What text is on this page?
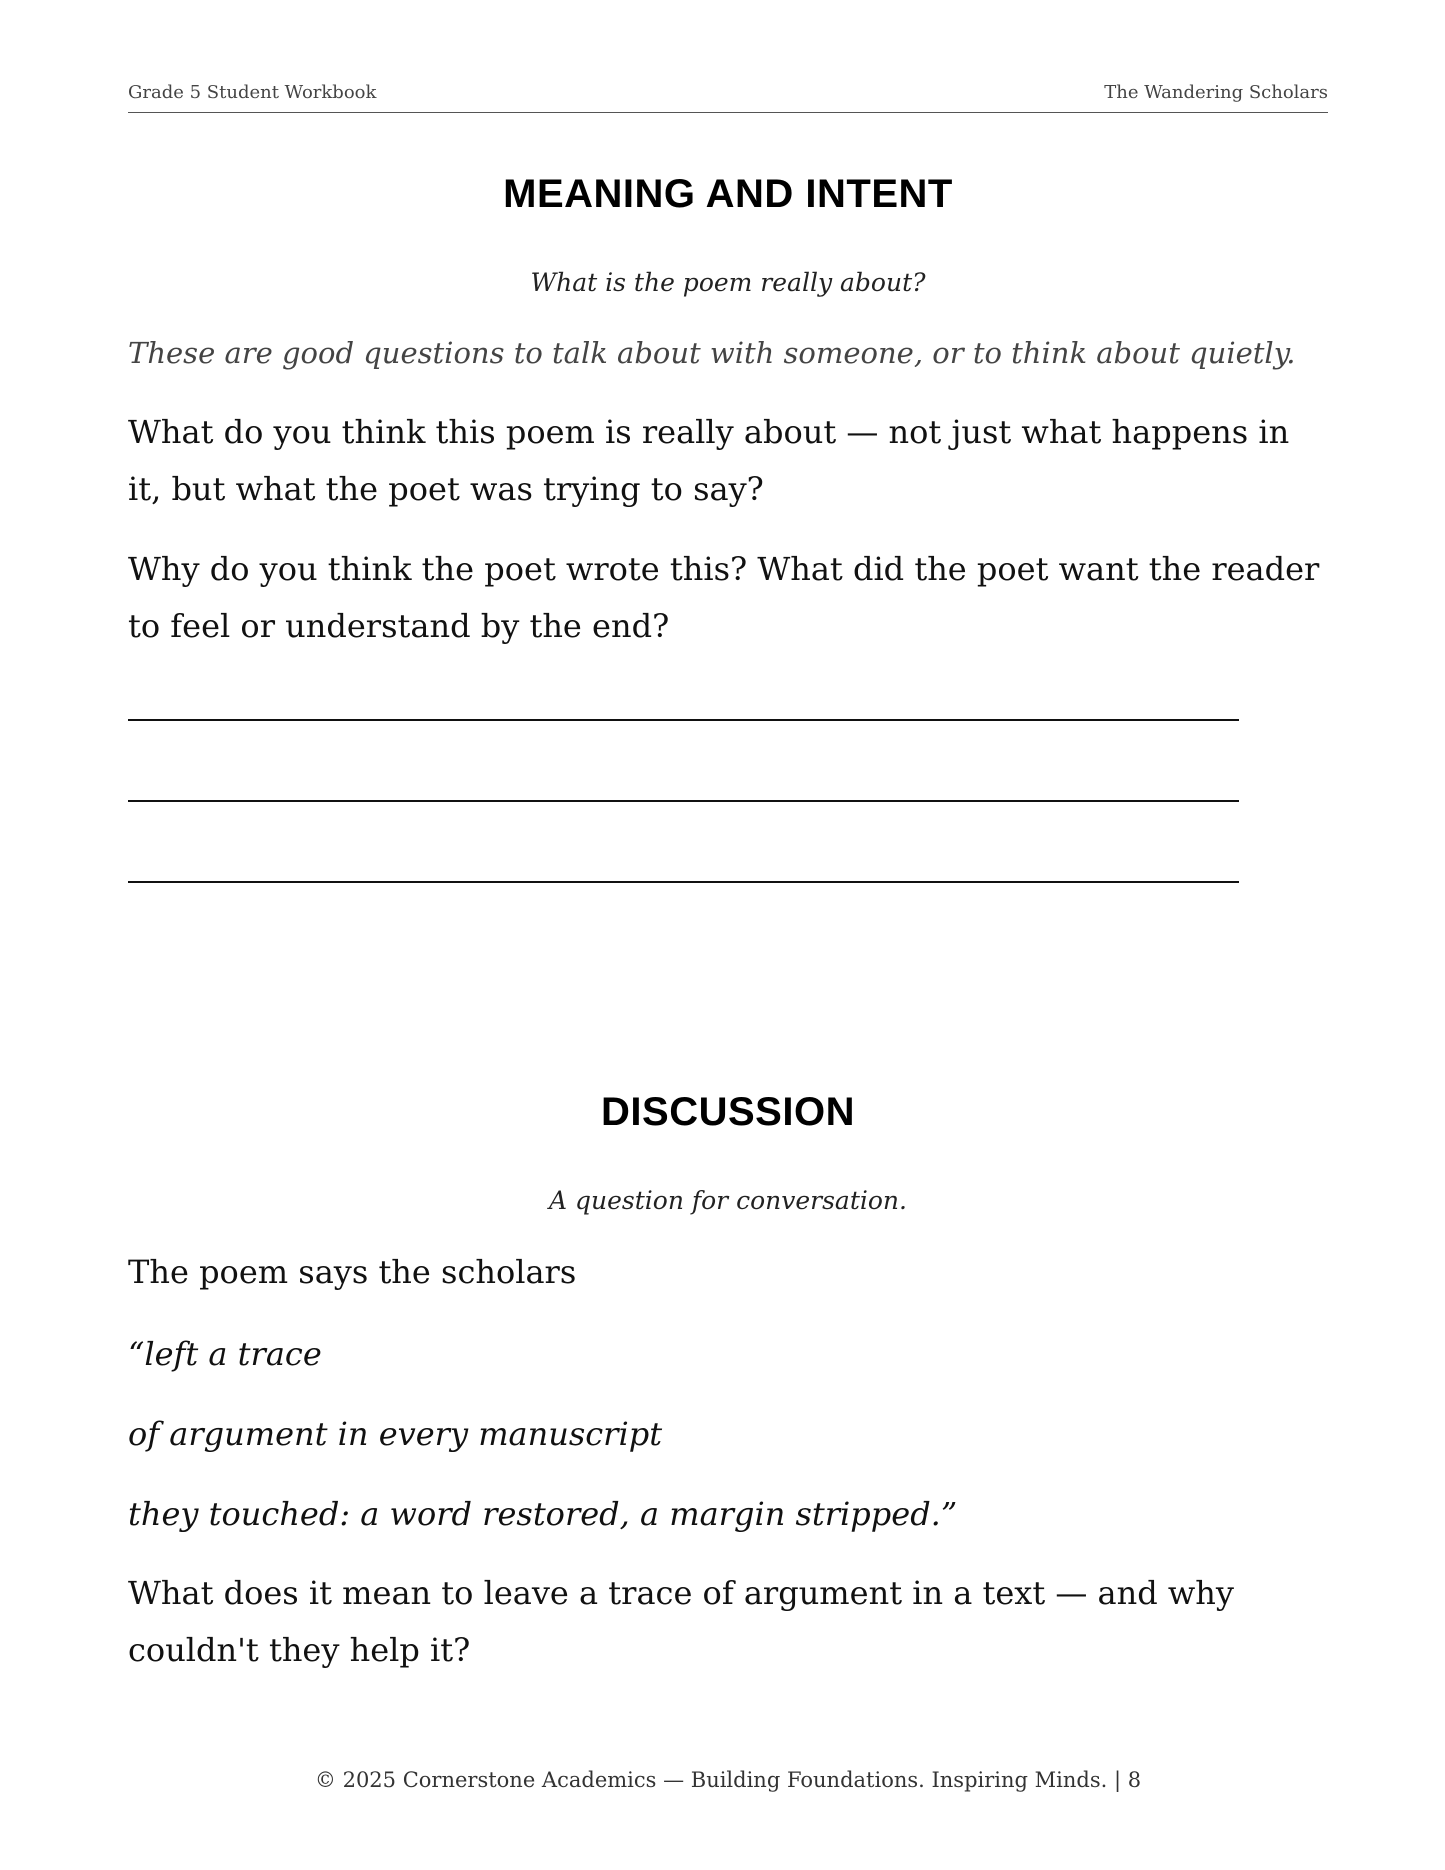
Grade 5 Student Workbook	The Wandering Scholars
MEANING AND INTENT

What is the poem really about?

These are good questions to talk about with someone, or to think about quietly.

What do you think this poem is really about — not just what happens in it, but what the poet was trying to say?

Why do you think the poet wrote this? What did the poet want the reader to feel or understand by the end?

DISCUSSION

A question for conversation.

The poem says the scholars

“left a trace

of argument in every manuscript

they touched: a word restored, a margin stripped.”

What does it mean to leave a trace of argument in a text — and why couldn't they help it?

© 2025 Cornerstone Academics — Building Foundations. Inspiring Minds. | 8
